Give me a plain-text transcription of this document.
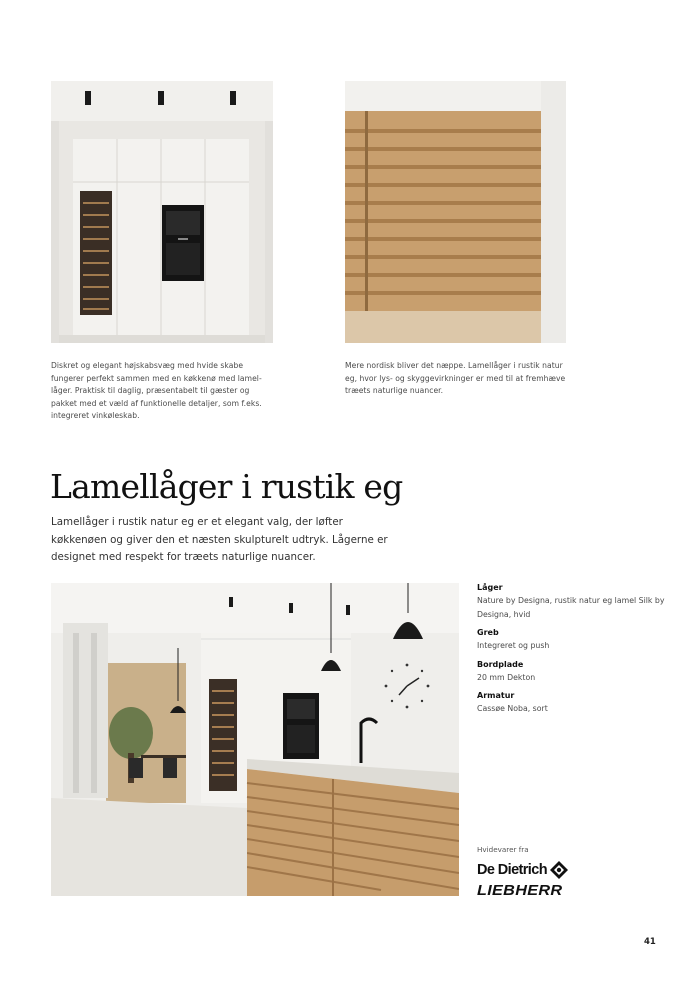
Diskret og elegant højskabsvæg med hvide skabe fungerer perfekt sammen med en køkkenø med lamel-låger. Praktisk til daglig, præsentabelt til gæster og pakket med et væld af funktionelle detaljer, som f.eks. integreret vinkøleskab.
Mere nordisk bliver det næppe. Lamellåger i rustik natur eg, hvor lys- og skyggevirkninger er med til at fremhæve træets naturlige nuancer.
Lamellåger i rustik eg

Lamellåger i rustik natur eg er et elegant valg, der løfter køkkenøen og giver den et næsten skulpturelt udtryk. Lågerne er designet med respekt for træets naturlige nuancer.

Låger
Nature by Designa, rustik natur eg lamel Silk by Designa, hvid
Greb
Integreret og push
Bordplade
20 mm Dekton
Armatur
Cassøe Noba, sort
Hvidevarer fra
De Dietrich
LIEBHERR
41
